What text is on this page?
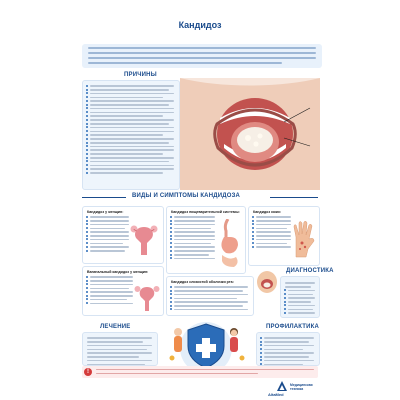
Кандидоз
ПРИЧИНЫ
ВИДЫ И СИМПТОМЫ КАНДИДОЗА
Кандидоз у женщин:	Кандидоз пищеварительной системы:	Кандидоз кожи:
Вагинальный кандидоз у женщин:
Кандидоз слизистой оболочки рта:
ДИАГНОСТИКА
ЛЕЧЕНИЕ	ПРОФИЛАКТИКА
!
AltaMed
Медицинская техника
